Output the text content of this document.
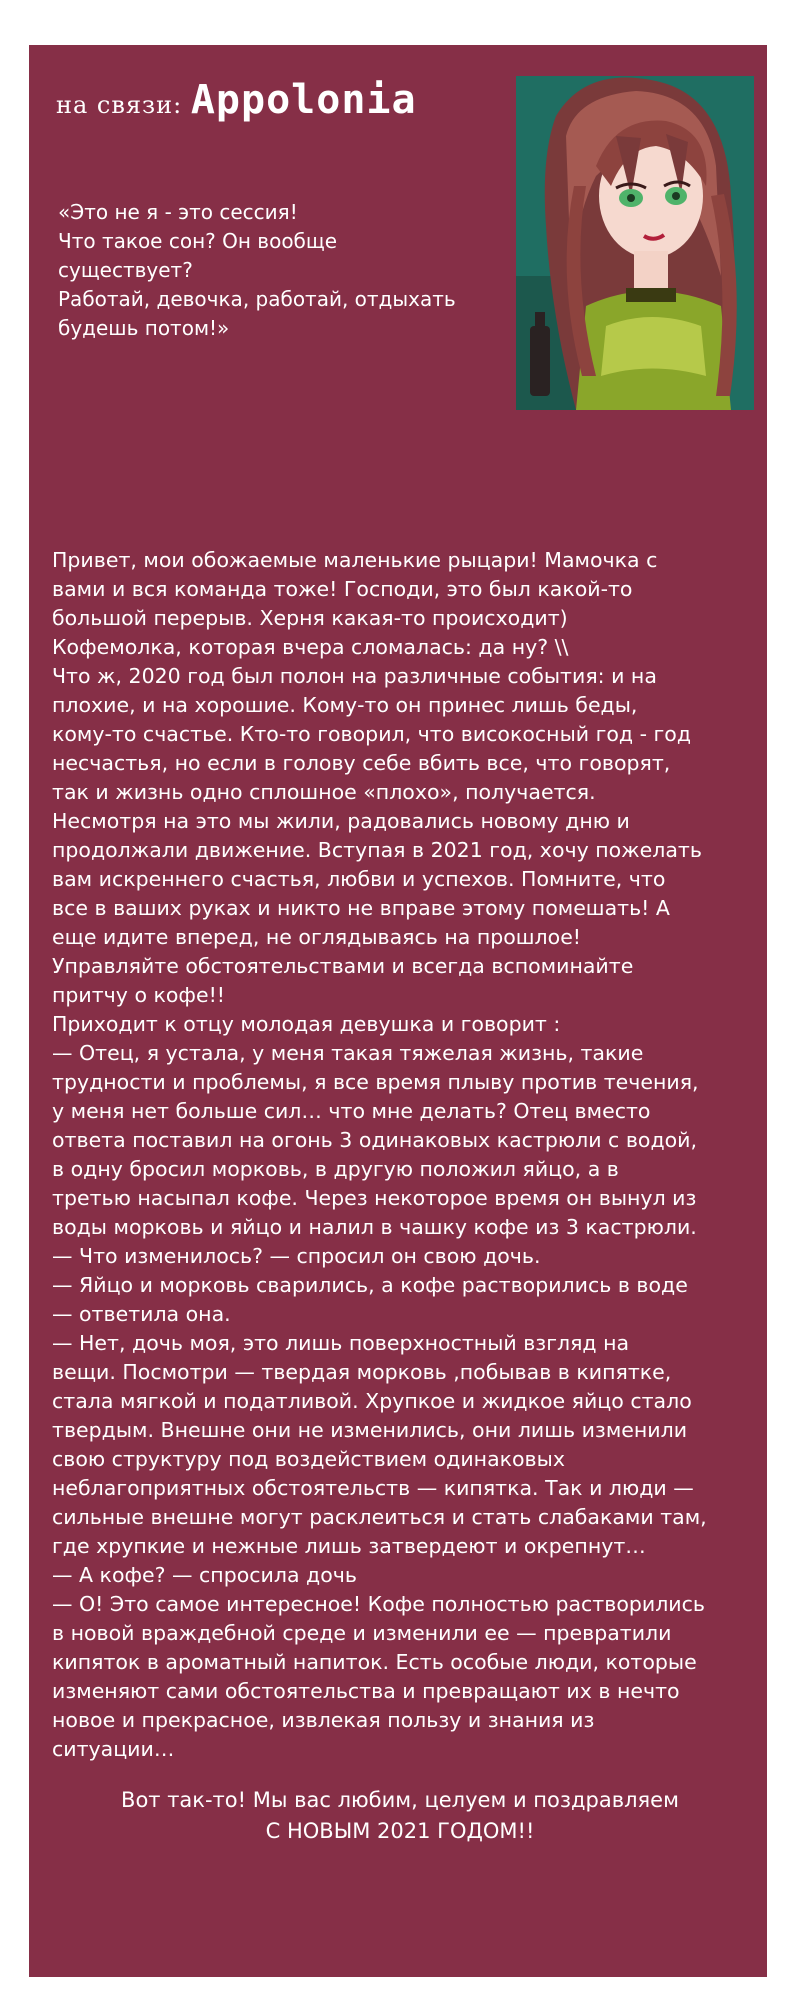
на связи: Appolonia
«Это не я - это сессия!
Что такое сон? Он вообще
существует?
Работай, девочка, работай, отдыхать
будешь потом!»
Привет, мои обожаемые маленькие рыцари! Мамочка с
вами и вся команда тоже! Господи, это был какой-то
большой перерыв. Херня какая-то происходит)
Кофемолка, которая вчера сломалась: да ну? \\
Что ж, 2020 год был полон на различные события: и на
плохие, и на хорошие. Кому-то он принес лишь беды,
кому-то счастье. Кто-то говорил, что високосный год - год
несчастья, но если в голову себе вбить все, что говорят,
так и жизнь одно сплошное «плохо», получается.
Несмотря на это мы жили, радовались новому дню и
продолжали движение. Вступая в 2021 год, хочу пожелать
вам искреннего счастья, любви и успехов. Помните, что
все в ваших руках и никто не вправе этому помешать! А
еще идите вперед, не оглядываясь на прошлое!
Управляйте обстоятельствами и всегда вспоминайте
притчу о кофе!!
Приходит к отцу молодая девушка и говорит :
— Отец, я устала, у меня такая тяжелая жизнь, такие
трудности и проблемы, я все время плыву против течения,
у меня нет больше сил… что мне делать? Отец вместо
ответа поставил на огонь 3 одинаковых кастрюли с водой,
в одну бросил морковь, в другую положил яйцо, а в
третью насыпал кофе. Через некоторое время он вынул из
воды морковь и яйцо и налил в чашку кофе из 3 кастрюли.
— Что изменилось? — спросил он свою дочь.
— Яйцо и морковь сварились, а кофе растворились в воде
— ответила она.
— Нет, дочь моя, это лишь поверхностный взгляд на
вещи. Посмотри — твердая морковь ,побывав в кипятке,
стала мягкой и податливой. Хрупкое и жидкое яйцо стало
твердым. Внешне они не изменились, они лишь изменили
свою структуру под воздействием одинаковых
неблагоприятных обстоятельств — кипятка. Так и люди —
сильные внешне могут расклеиться и стать слабаками там,
где хрупкие и нежные лишь затвердеют и окрепнут…
— А кофе? — спросила дочь
— О! Это самое интересное! Кофе полностью растворились
в новой враждебной среде и изменили ее — превратили
кипяток в ароматный напиток. Есть особые люди, которые
изменяют сами обстоятельства и превращают их в нечто
новое и прекрасное, извлекая пользу и знания из
ситуации…
Вот так-то! Мы вас любим, целуем и поздравляем
С НОВЫМ 2021 ГОДОМ!!
